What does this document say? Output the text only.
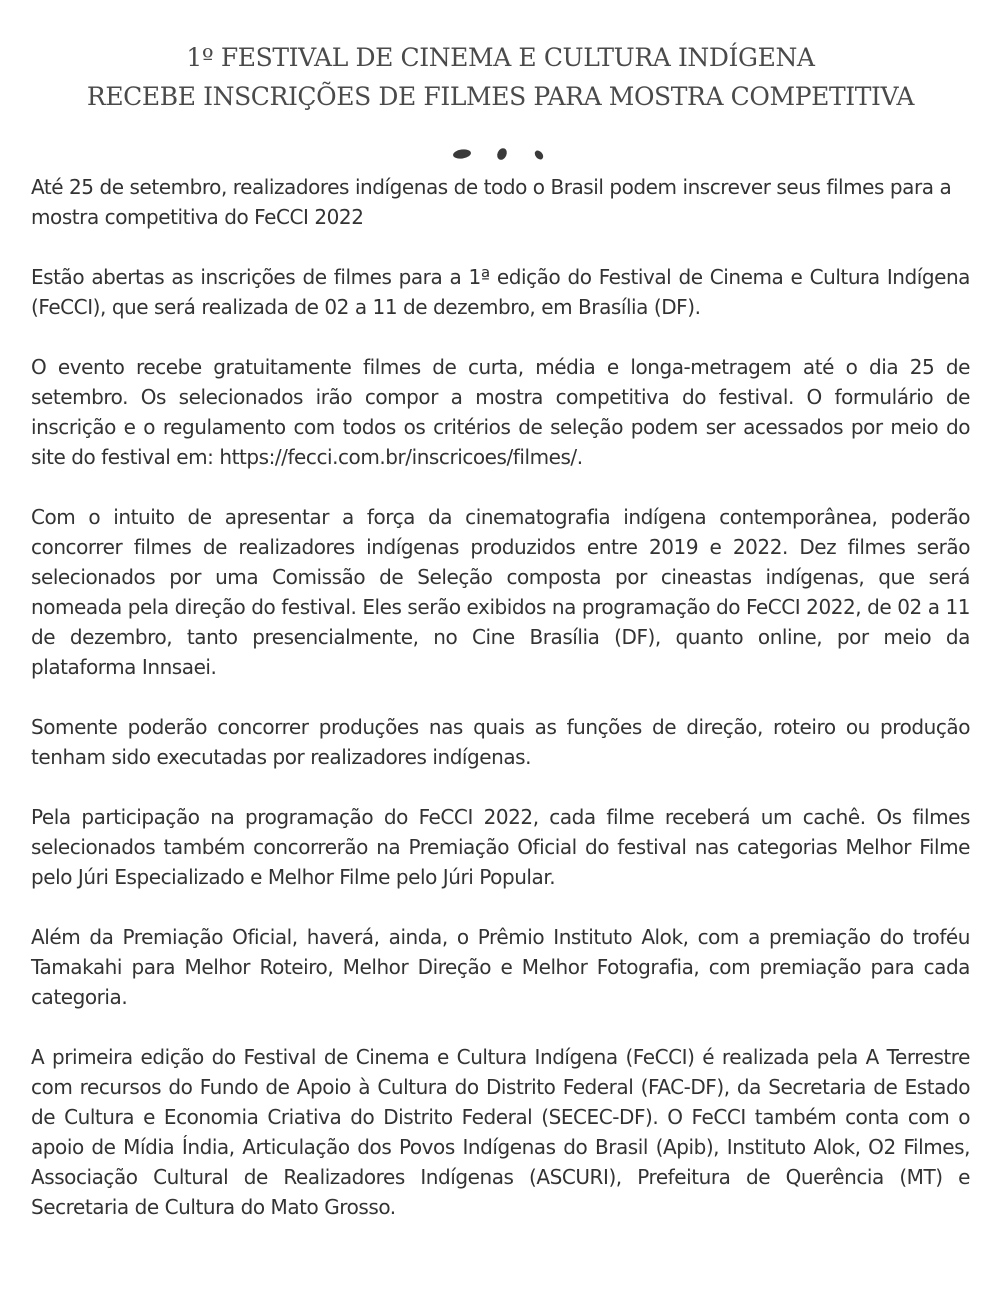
1º FESTIVAL DE CINEMA E CULTURA INDÍGENA
RECEBE INSCRIÇÕES DE FILMES PARA MOSTRA COMPETITIVA

Até 25 de setembro, realizadores indígenas de todo o Brasil podem inscrever seus filmes para a mostra competitiva do FeCCI 2022

Estão abertas as inscrições de filmes para a 1ª edição do Festival de Cinema e Cultura Indígena (FeCCI), que será realizada de 02 a 11 de dezembro, em Brasília (DF).

O evento recebe gratuitamente filmes de curta, média e longa-metragem até o dia 25 de setembro. Os selecionados irão compor a mostra competitiva do festival. O formulário de inscrição e o regulamento com todos os critérios de seleção podem ser acessados por meio do site do festival em: https://fecci.com.br/inscricoes/filmes/.

Com o intuito de apresentar a força da cinematografia indígena contemporânea, poderão concorrer filmes de realizadores indígenas produzidos entre 2019 e 2022. Dez filmes serão selecionados por uma Comissão de Seleção composta por cineastas indígenas, que será nomeada pela direção do festival. Eles serão exibidos na programação do FeCCI 2022, de 02 a 11 de dezembro, tanto presencialmente, no Cine Brasília (DF), quanto online, por meio da plataforma Innsaei.

Somente poderão concorrer produções nas quais as funções de direção, roteiro ou produção tenham sido executadas por realizadores indígenas.

Pela participação na programação do FeCCI 2022, cada filme receberá um cachê. Os filmes selecionados também concorrerão na Premiação Oficial do festival nas categorias Melhor Filme pelo Júri Especializado e Melhor Filme pelo Júri Popular.

Além da Premiação Oficial, haverá, ainda, o Prêmio Instituto Alok, com a premiação do troféu Tamakahi para Melhor Roteiro, Melhor Direção e Melhor Fotografia, com premiação para cada categoria.

A primeira edição do Festival de Cinema e Cultura Indígena (FeCCI) é realizada pela A Terrestre com recursos do Fundo de Apoio à Cultura do Distrito Federal (FAC-DF), da Secretaria de Estado de Cultura e Economia Criativa do Distrito Federal (SECEC-DF). O FeCCI também conta com o apoio de Mídia Índia, Articulação dos Povos Indígenas do Brasil (Apib), Instituto Alok, O2 Filmes, Associação Cultural de Realizadores Indígenas (ASCURI), Prefeitura de Querência (MT) e Secretaria de Cultura do Mato Grosso.
